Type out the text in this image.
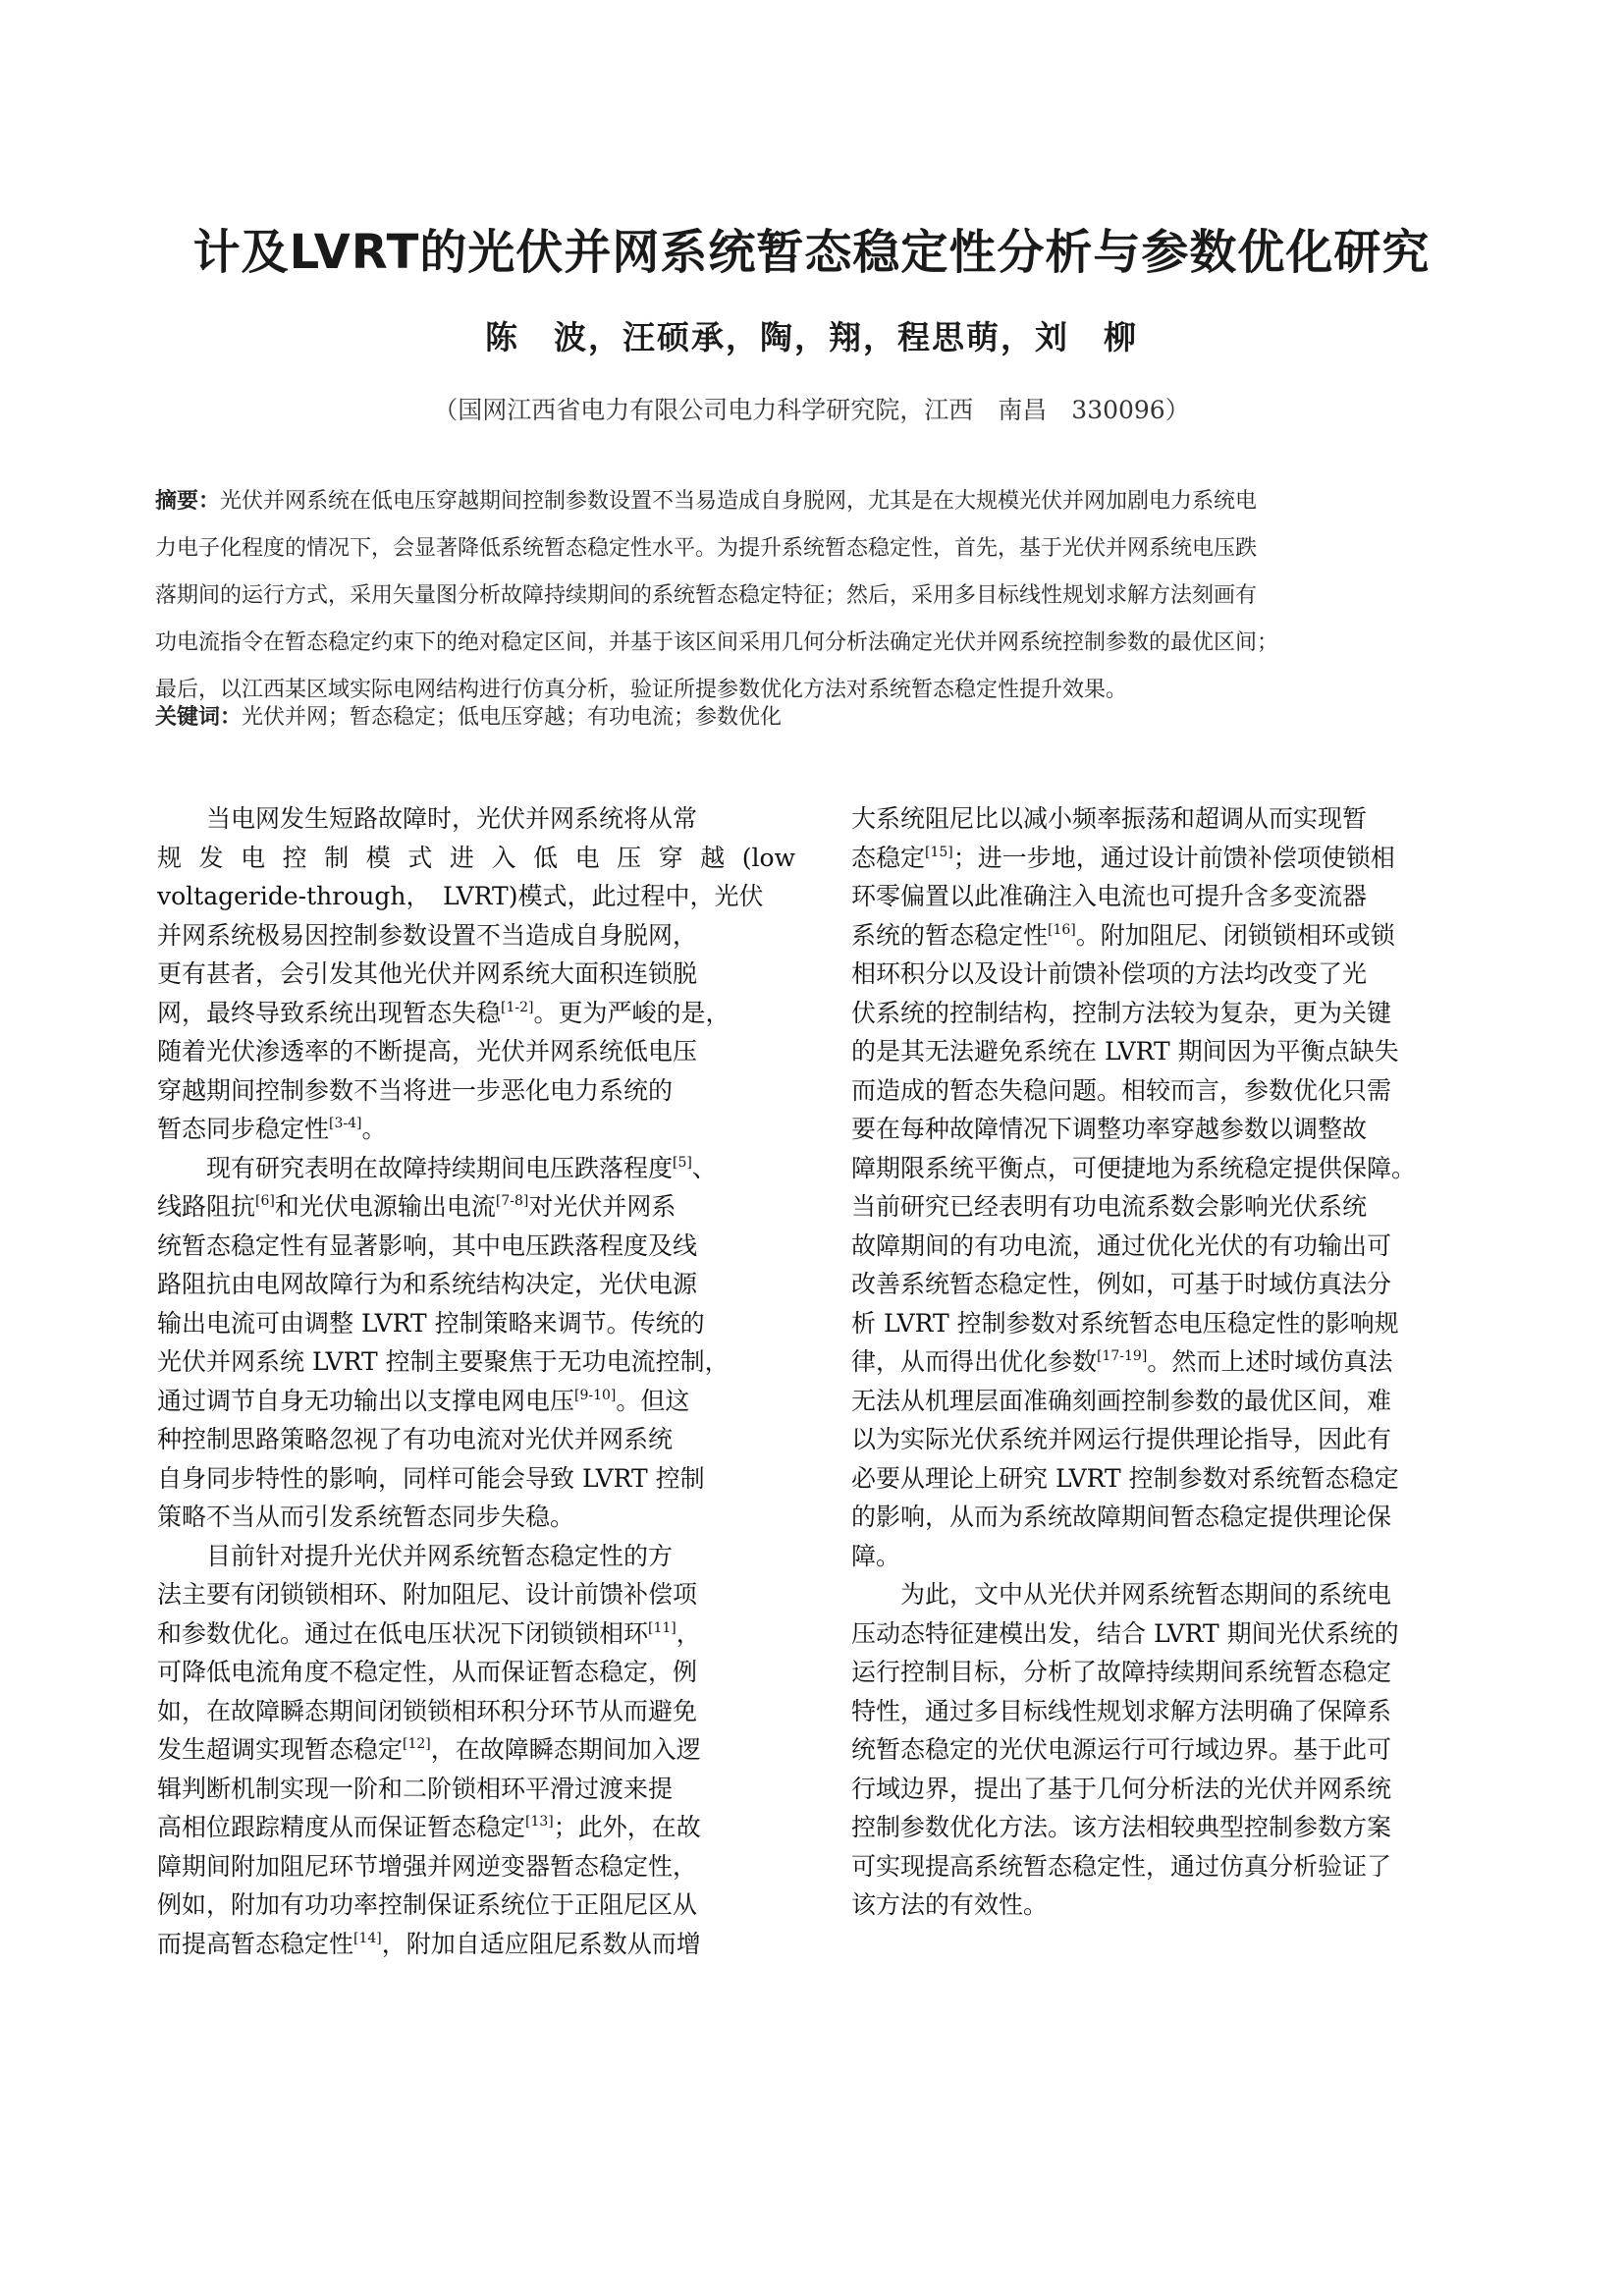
计及LVRT的光伏并网系统暂态稳定性分析与参数优化研究
陈　波，汪硕承，陶，翔，程思萌，刘　柳
（国网江西省电力有限公司电力科学研究院，江西　南昌　330096）
摘要：光伏并网系统在低电压穿越期间控制参数设置不当易造成自身脱网，尤其是在大规模光伏并网加剧电力系统电
力电子化程度的情况下，会显著降低系统暂态稳定性水平。为提升系统暂态稳定性，首先，基于光伏并网系统电压跌
落期间的运行方式，采用矢量图分析故障持续期间的系统暂态稳定特征；然后，采用多目标线性规划求解方法刻画有
功电流指令在暂态稳定约束下的绝对稳定区间，并基于该区间采用几何分析法确定光伏并网系统控制参数的最优区间；
最后，以江西某区域实际电网结构进行仿真分析，验证所提参数优化方法对系统暂态稳定性提升效果。
关键词：光伏并网；暂态稳定；低电压穿越；有功电流；参数优化
当电网发生短路故障时，光伏并网系统将从常
规发电控制模式进入低电压穿越(low
voltageride-through，　LVRT)模式，此过程中，光伏
并网系统极易因控制参数设置不当造成自身脱网，
更有甚者，会引发其他光伏并网系统大面积连锁脱
网，最终导致系统出现暂态失稳[1-2]。更为严峻的是，
随着光伏渗透率的不断提高，光伏并网系统低电压
穿越期间控制参数不当将进一步恶化电力系统的
暂态同步稳定性[3-4]。
现有研究表明在故障持续期间电压跌落程度[5]、
线路阻抗[6]和光伏电源输出电流[7-8]对光伏并网系
统暂态稳定性有显著影响，其中电压跌落程度及线
路阻抗由电网故障行为和系统结构决定，光伏电源
输出电流可由调整 LVRT 控制策略来调节。传统的
光伏并网系统 LVRT 控制主要聚焦于无功电流控制，
通过调节自身无功输出以支撑电网电压[9-10]。但这
种控制思路策略忽视了有功电流对光伏并网系统
自身同步特性的影响，同样可能会导致 LVRT 控制
策略不当从而引发系统暂态同步失稳。
目前针对提升光伏并网系统暂态稳定性的方
法主要有闭锁锁相环、附加阻尼、设计前馈补偿项
和参数优化。通过在低电压状况下闭锁锁相环[11]，
可降低电流角度不稳定性，从而保证暂态稳定，例
如，在故障瞬态期间闭锁锁相环积分环节从而避免
发生超调实现暂态稳定[12]，在故障瞬态期间加入逻
辑判断机制实现一阶和二阶锁相环平滑过渡来提
高相位跟踪精度从而保证暂态稳定[13]；此外，在故
障期间附加阻尼环节增强并网逆变器暂态稳定性，
例如，附加有功功率控制保证系统位于正阻尼区从
而提高暂态稳定性[14]，附加自适应阻尼系数从而增
大系统阻尼比以减小频率振荡和超调从而实现暂
态稳定[15]；进一步地，通过设计前馈补偿项使锁相
环零偏置以此准确注入电流也可提升含多变流器
系统的暂态稳定性[16]。附加阻尼、闭锁锁相环或锁
相环积分以及设计前馈补偿项的方法均改变了光
伏系统的控制结构，控制方法较为复杂，更为关键
的是其无法避免系统在 LVRT 期间因为平衡点缺失
而造成的暂态失稳问题。相较而言，参数优化只需
要在每种故障情况下调整功率穿越参数以调整故
障期限系统平衡点，可便捷地为系统稳定提供保障。
当前研究已经表明有功电流系数会影响光伏系统
故障期间的有功电流，通过优化光伏的有功输出可
改善系统暂态稳定性，例如，可基于时域仿真法分
析 LVRT 控制参数对系统暂态电压稳定性的影响规
律，从而得出优化参数[17-19]。然而上述时域仿真法
无法从机理层面准确刻画控制参数的最优区间，难
以为实际光伏系统并网运行提供理论指导，因此有
必要从理论上研究 LVRT 控制参数对系统暂态稳定
的影响，从而为系统故障期间暂态稳定提供理论保
障。
为此，文中从光伏并网系统暂态期间的系统电
压动态特征建模出发，结合 LVRT 期间光伏系统的
运行控制目标，分析了故障持续期间系统暂态稳定
特性，通过多目标线性规划求解方法明确了保障系
统暂态稳定的光伏电源运行可行域边界。基于此可
行域边界，提出了基于几何分析法的光伏并网系统
控制参数优化方法。该方法相较典型控制参数方案
可实现提高系统暂态稳定性，通过仿真分析验证了
该方法的有效性。
